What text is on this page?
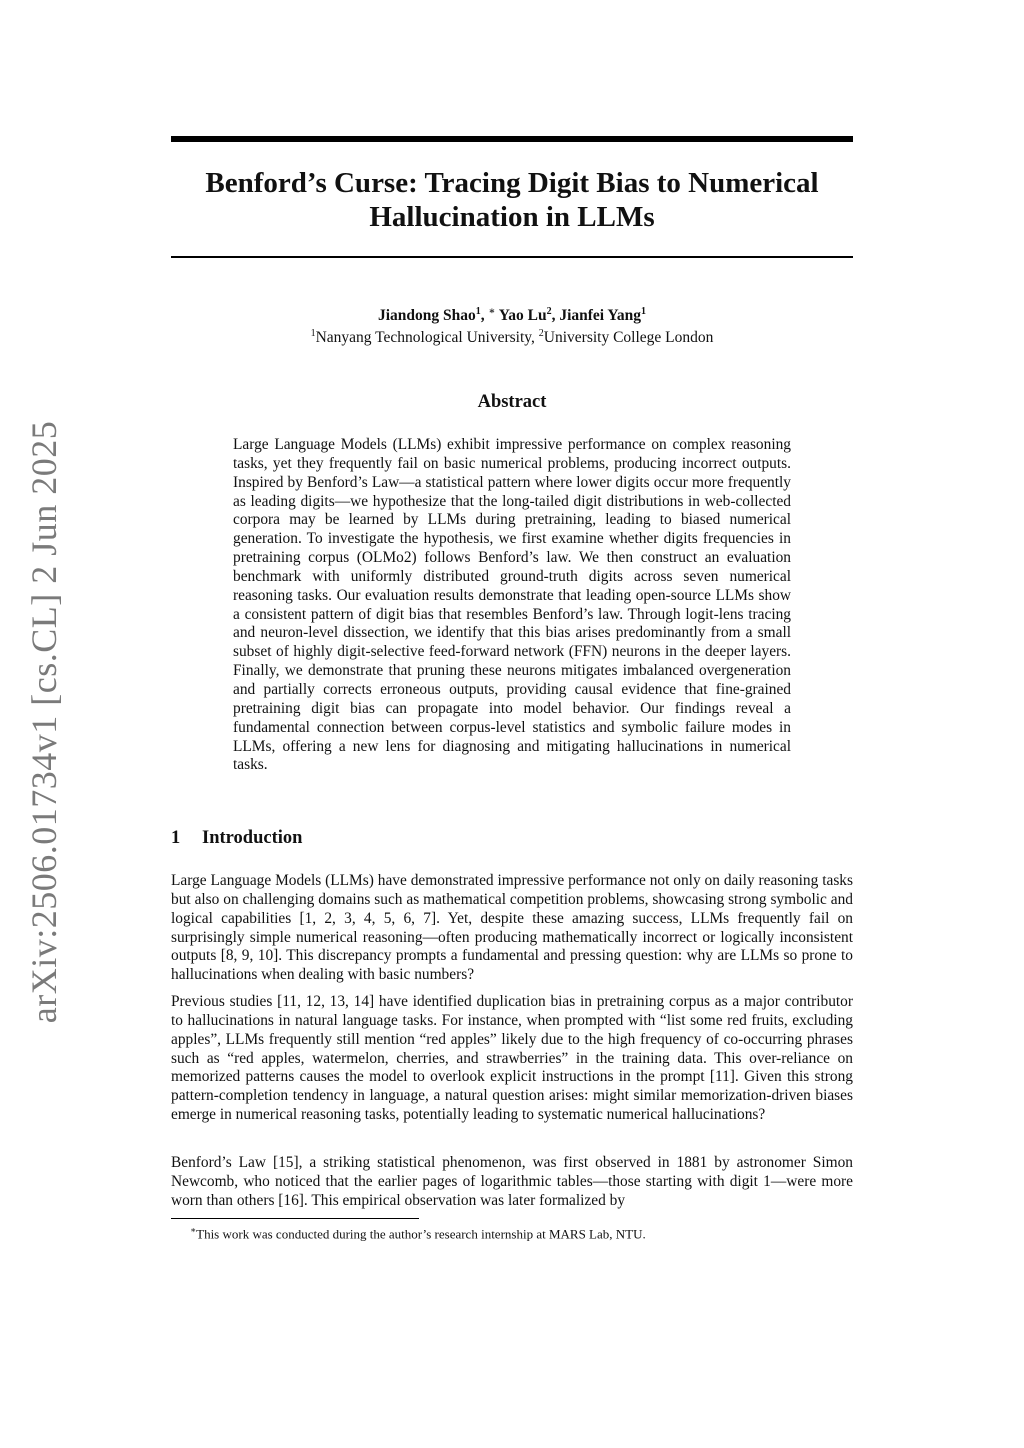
arXiv:2506.01734v1 [cs.CL] 2 Jun 2025
Benford’s Curse: Tracing Digit Bias to Numerical
Hallucination in LLMs
Jiandong Shao$^1$, ∗ Yao Lu$^2$, Jianfei Yang$^1$
$^1$Nanyang Technological University, $^2$University College London
Abstract

Large Language Models (LLMs) exhibit impressive performance on complex reasoning tasks, yet they frequently fail on basic numerical problems, producing incorrect outputs. Inspired by Benford’s Law—a statistical pattern where lower digits occur more frequently as leading digits—we hypothesize that the long-tailed digit distributions in web-collected corpora may be learned by LLMs during pretraining, leading to biased numerical generation. To investigate the hypothesis, we first examine whether digits frequencies in pretraining corpus (OLMo2) follows Benford’s law. We then construct an evaluation benchmark with uniformly distributed ground-truth digits across seven numerical reasoning tasks. Our evaluation results demonstrate that leading open-source LLMs show a consistent pattern of digit bias that resembles Benford’s law. Through logit-lens tracing and neuron-level dissection, we identify that this bias arises predominantly from a small subset of highly digit-selective feed-forward network (FFN) neurons in the deeper layers. Finally, we demonstrate that pruning these neurons mitigates imbalanced overgeneration and partially corrects erroneous outputs, providing causal evidence that fine-grained pretraining digit bias can propagate into model behavior. Our findings reveal a fundamental connection between corpus-level statistics and symbolic failure modes in LLMs, offering a new lens for diagnosing and mitigating hallucinations in numerical tasks.

1 Introduction

Large Language Models (LLMs) have demonstrated impressive performance not only on daily reasoning tasks but also on challenging domains such as mathematical competition problems, showcasing strong symbolic and logical capabilities [1, 2, 3, 4, 5, 6, 7]. Yet, despite these amazing success, LLMs frequently fail on surprisingly simple numerical reasoning—often producing mathematically incorrect or logically inconsistent outputs [8, 9, 10]. This discrepancy prompts a fundamental and pressing question: why are LLMs so prone to hallucinations when dealing with basic numbers?

Previous studies [11, 12, 13, 14] have identified duplication bias in pretraining corpus as a major contributor to hallucinations in natural language tasks. For instance, when prompted with “list some red fruits, excluding apples”, LLMs frequently still mention “red apples” likely due to the high frequency of co-occurring phrases such as “red apples, watermelon, cherries, and strawberries” in the training data. This over-reliance on memorized patterns causes the model to overlook explicit instructions in the prompt [11]. Given this strong pattern-completion tendency in language, a natural question arises: might similar memorization-driven biases emerge in numerical reasoning tasks, potentially leading to systematic numerical hallucinations?

Benford’s Law [15], a striking statistical phenomenon, was first observed in 1881 by astronomer Simon Newcomb, who noticed that the earlier pages of logarithmic tables—those starting with digit 1—were more worn than others [16]. This empirical observation was later formalized by

∗This work was conducted during the author’s research internship at MARS Lab, NTU.
